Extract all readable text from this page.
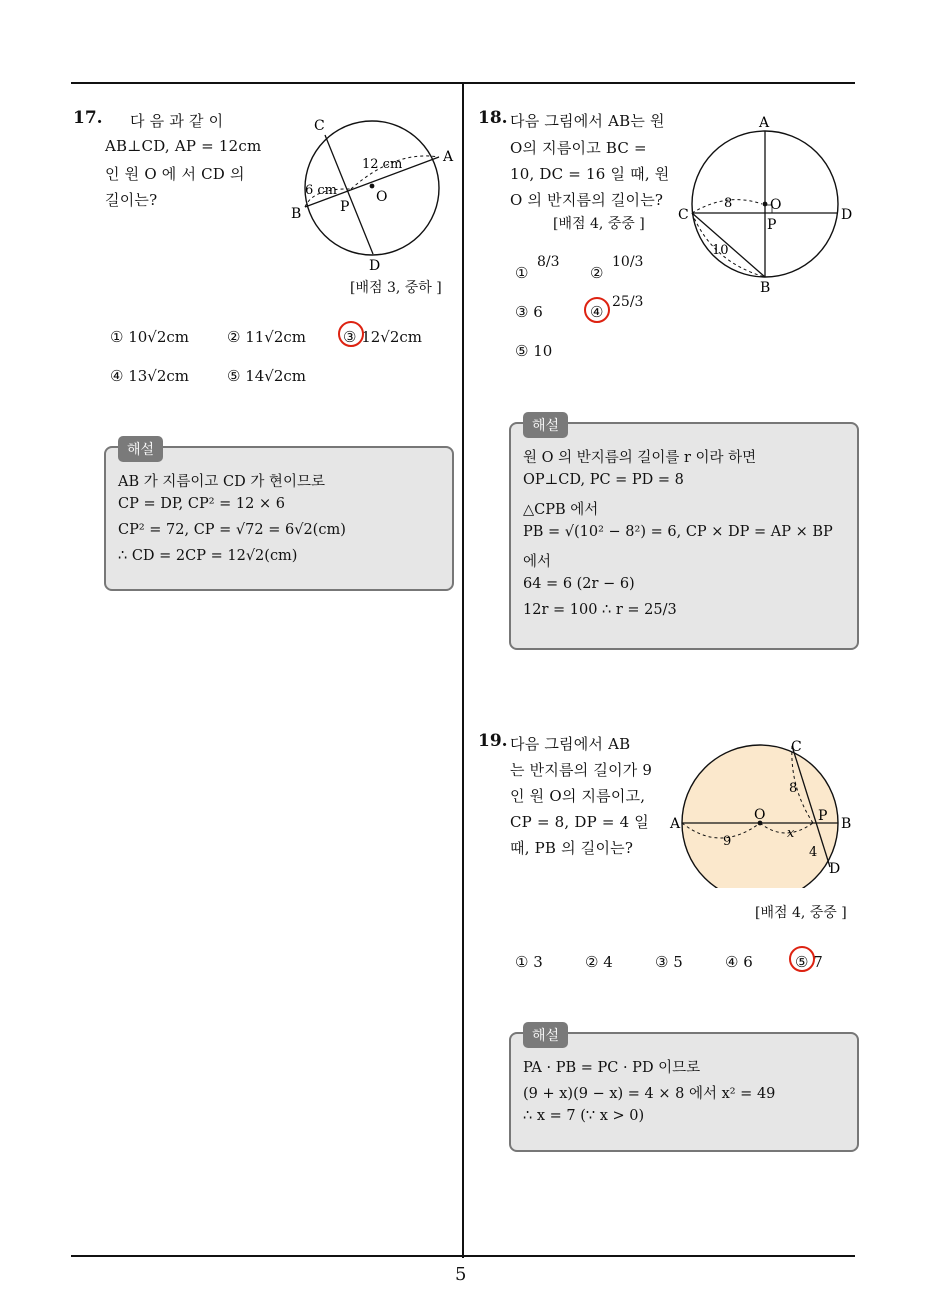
5
17. 다 음 과 같 이
AB⊥CD, AP = 12cm
인 원 O 에 서 CD 의
길이는?
C
A
B	P
O
D
12 cm
6 cm
[배점 3, 중하 ]
① 10√2cm	② 11√2cm ③ 12√2cm
④ 13√2cm	⑤ 14√2cm
해설
AB 가 지름이고 CD 가 현이므로
CP = DP, CP² = 12 × 6
CP² = 72, CP = √72 = 6√2(cm)
∴ CD = 2CP = 12√2(cm)
18. 다음 그림에서 AB는 원
O의 지름이고 BC =
10, DC = 16 일 때, 원
O 의 반지름의 길이는?
[배점 4, 중중 ]
A
C
O
P
D
B
8
10
①
8/3
②
10/3
③ 6	④
25/3
⑤ 10
해설
원 O 의 반지름의 길이를 r 이라 하면
OP⊥CD, PC = PD = 8
△CPB 에서
PB = √(10² − 8²) = 6, CP × DP = AP × BP
에서
64 = 6 (2r − 6)
12r = 100 ∴ r = 25/3
19. 다음 그림에서 AB
는 반지름의 길이가 9
인 원 O의 지름이고,
CP = 8, DP = 4 일
때, PB 의 길이는?
C
A
O	P B
D
8
9
x
4
[배점 4, 중중 ]
① 3	② 4	③ 5	④ 6	⑤ 7
해설
PA · PB = PC · PD 이므로
(9 + x)(9 − x) = 4 × 8 에서 x² = 49
∴ x = 7 (∵ x > 0)
